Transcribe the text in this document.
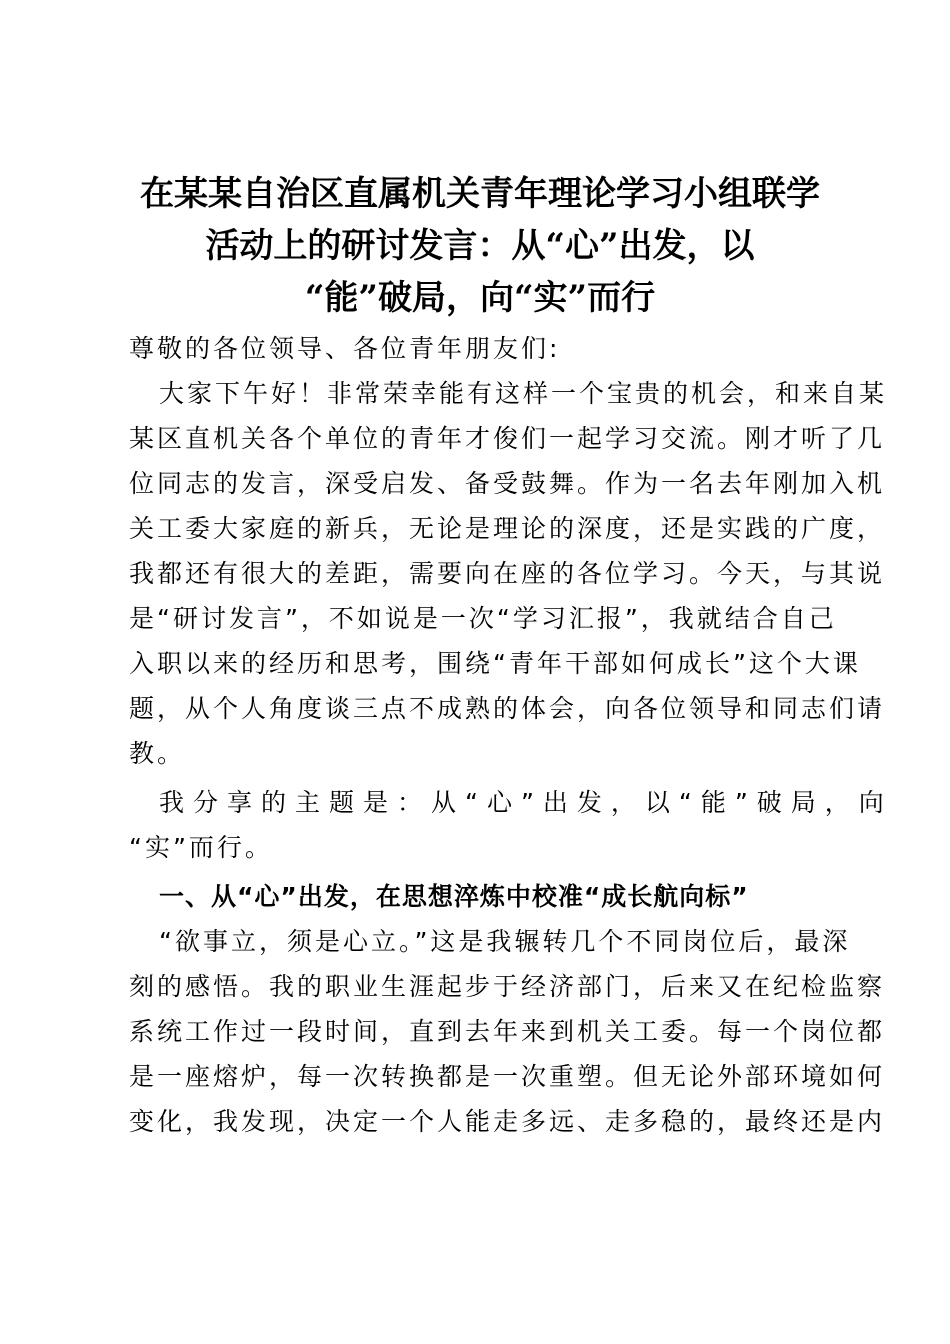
在某某自治区直属机关青年理论学习小组联学
活动上的研讨发言：从“心”出发，以
“能”破局，向“实”而行
尊敬的各位领导、各位青年朋友们:
大家下午好！非常荣幸能有这样一个宝贵的机会，和来自某
某区直机关各个单位的青年才俊们一起学习交流。刚才听了几
位同志的发言，深受启发、备受鼓舞。作为一名去年刚加入机
关工委大家庭的新兵，无论是理论的深度，还是实践的广度，
我都还有很大的差距，需要向在座的各位学习。今天，与其说
是“研讨发言”，不如说是一次“学习汇报”，我就结合自己
入职以来的经历和思考，围绕“青年干部如何成长”这个大课
题，从个人角度谈三点不成熟的体会，向各位领导和同志们请
教。
我分享的主题是：从“心”出发，以“能”破局，向
“实”而行。
一、从“心”出发，在思想淬炼中校准“成长航向标”
“欲事立，须是心立。”这是我辗转几个不同岗位后，最深
刻的感悟。我的职业生涯起步于经济部门，后来又在纪检监察
系统工作过一段时间，直到去年来到机关工委。每一个岗位都
是一座熔炉，每一次转换都是一次重塑。但无论外部环境如何
变化，我发现，决定一个人能走多远、走多稳的，最终还是内
